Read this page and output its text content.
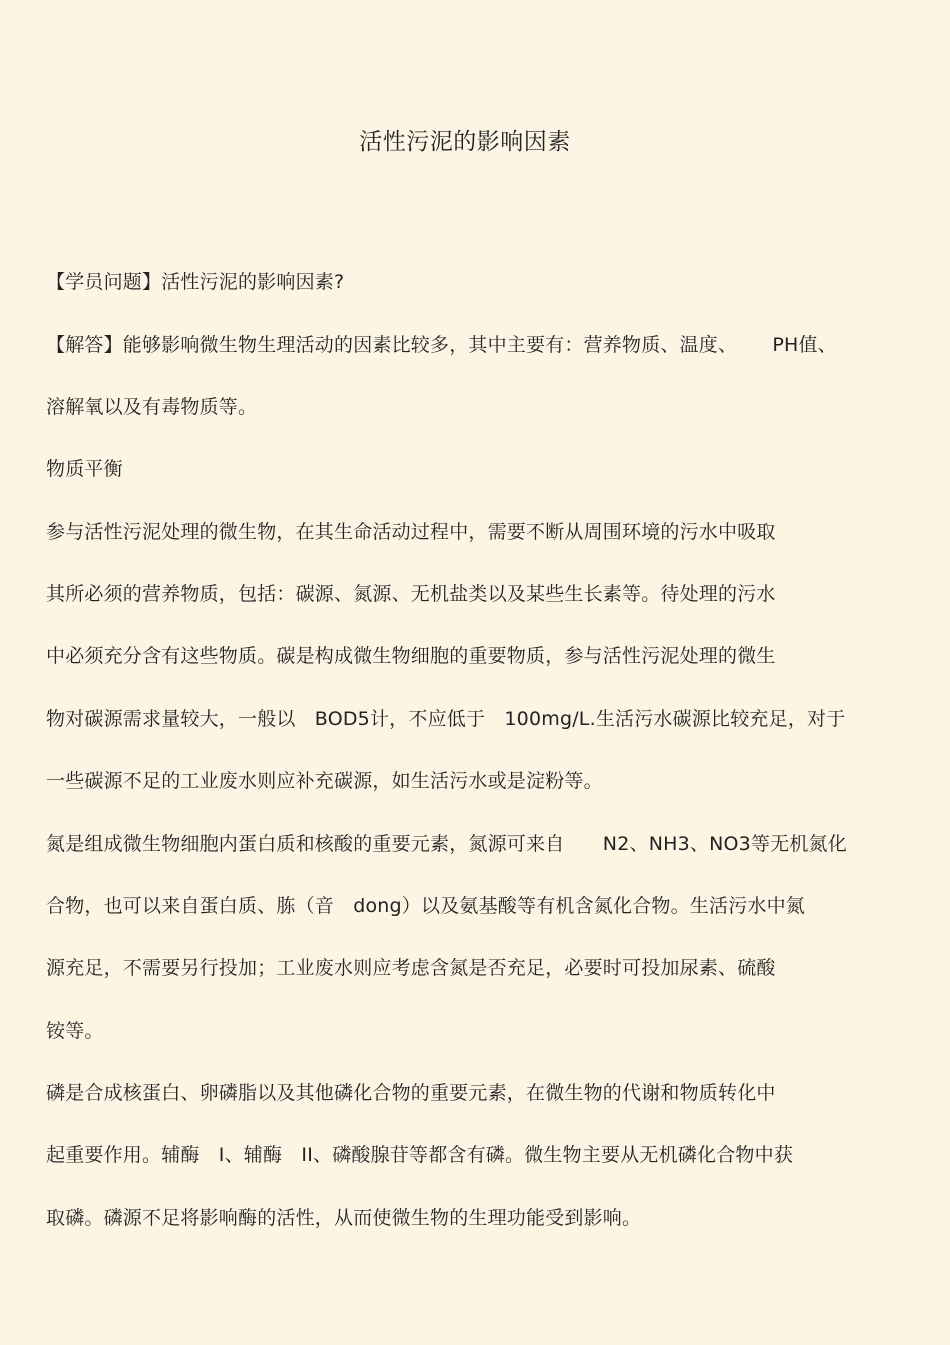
活性污泥的影响因素
【学员问题】活性污泥的影响因素?
【解答】能够影响微生物生理活动的因素比较多，其中主要有：营养物质、温度、　　 PH值、
溶解氧以及有毒物质等。
物质平衡
参与活性污泥处理的微生物，在其生命活动过程中，需要不断从周围环境的污水中吸取
其所必须的营养物质，包括：碳源、氮源、无机盐类以及某些生长素等。待处理的污水
中必须充分含有这些物质。碳是构成微生物细胞的重要物质，参与活性污泥处理的微生
物对碳源需求量较大，一般以　BOD5计，不应低于　100mg/L.生活污水碳源比较充足，对于
一些碳源不足的工业废水则应补充碳源，如生活污水或是淀粉等。
氮是组成微生物细胞内蛋白质和核酸的重要元素，氮源可来自　　N2、NH3、NO3等无机氮化
合物，也可以来自蛋白质、胨（音　dong）以及氨基酸等有机含氮化合物。生活污水中氮
源充足，不需要另行投加；工业废水则应考虑含氮是否充足，必要时可投加尿素、硫酸
铵等。
磷是合成核蛋白、卵磷脂以及其他磷化合物的重要元素，在微生物的代谢和物质转化中
起重要作用。辅酶　I、辅酶　II、磷酸腺苷等都含有磷。微生物主要从无机磷化合物中获
取磷。磷源不足将影响酶的活性，从而使微生物的生理功能受到影响。
